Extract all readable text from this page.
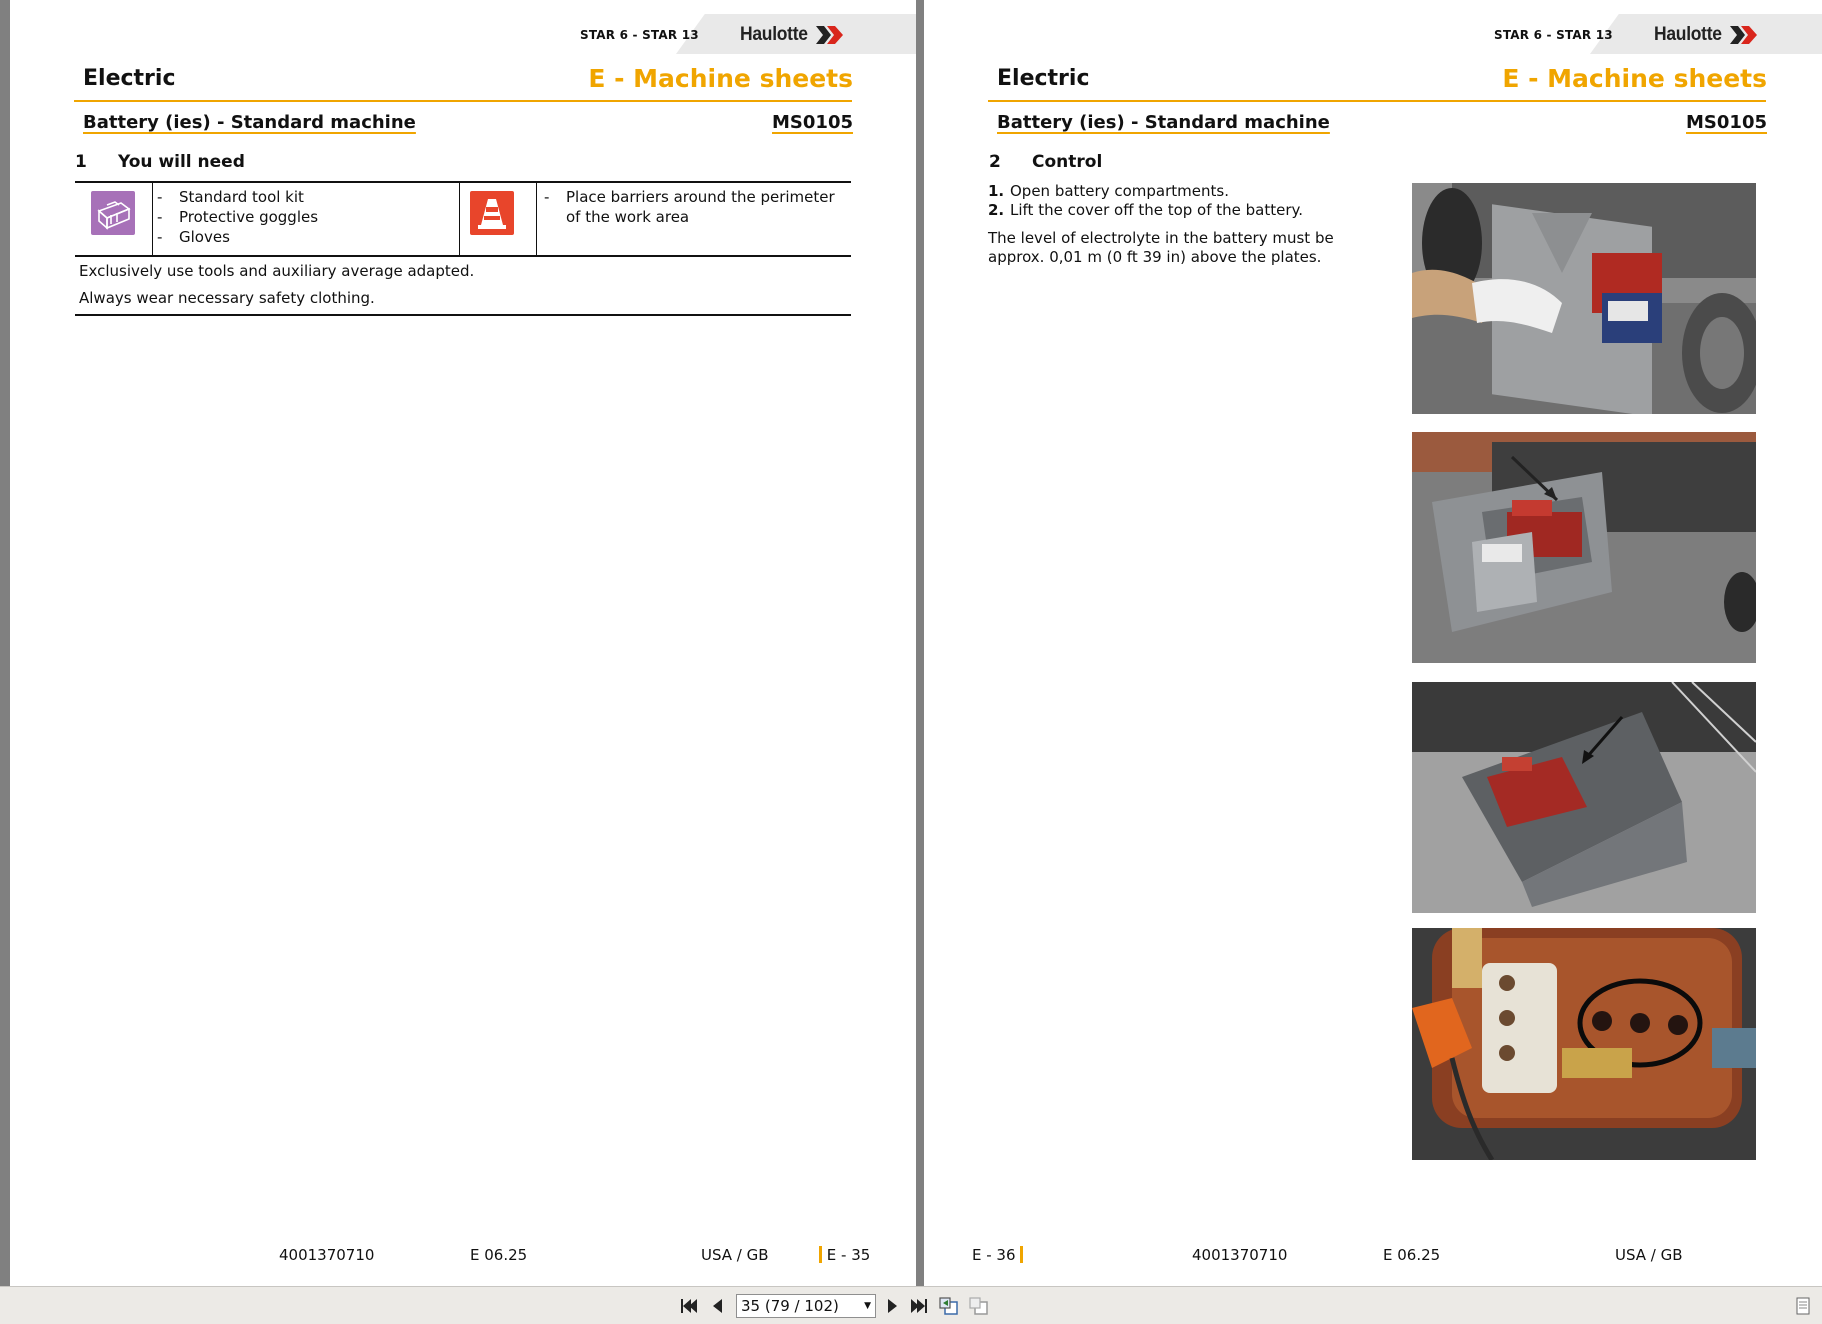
STAR 6 - STAR 13 Haulotte
Electric	E - Machine sheets
Battery (ies) - Standard machine	MS0105
1 You will need
- Standard tool kit
- Protective goggles
- Gloves
- Place barriers around the perimeter of the work area
Exclusively use tools and auxiliary average adapted.
Always wear necessary safety clothing.
4001370710	E 06.25	USA / GB	E - 35
STAR 6 - STAR 13 Haulotte
Electric	E - Machine sheets
Battery (ies) - Standard machine	MS0105
2 Control
1. Open battery compartments.
2. Lift the cover off the top of the battery.
The level of electrolyte in the battery must be approx. 0,01 m (0 ft 39 in) above the plates.
E - 36	4001370710	E 06.25	USA / GB
35 (79 / 102)	▼
